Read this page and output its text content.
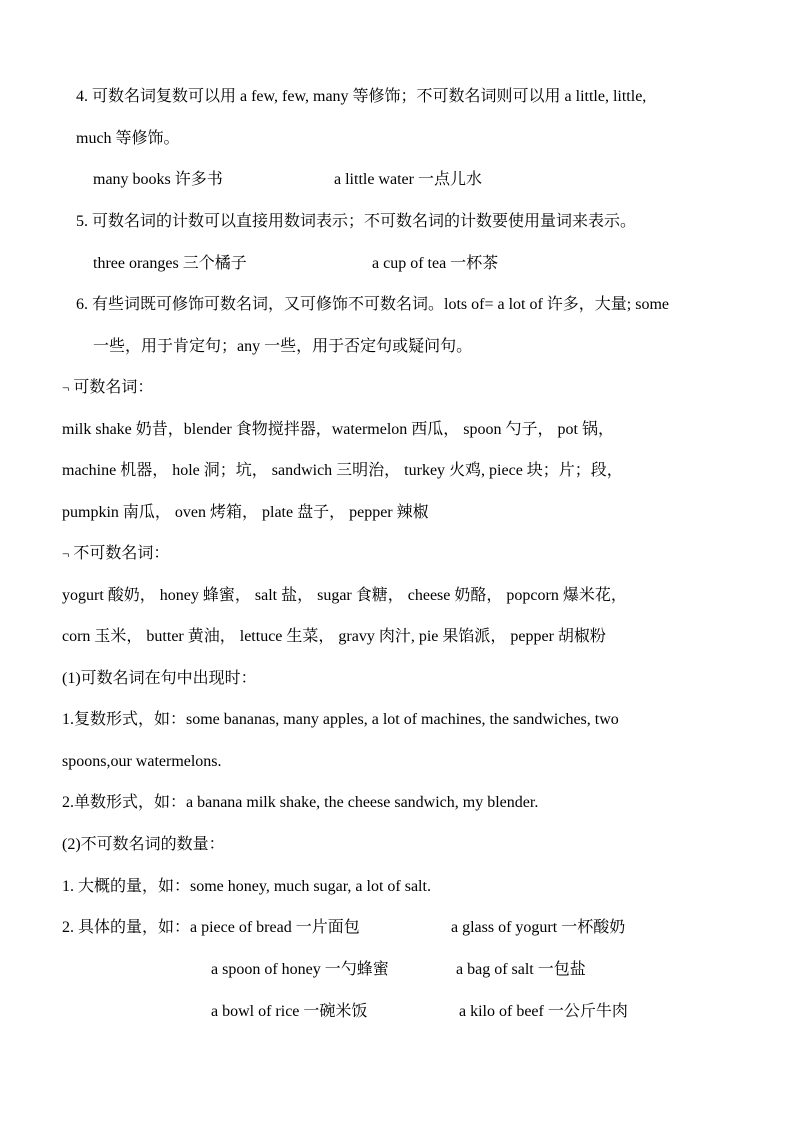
4. 可数名词复数可以用 a few, few, many 等修饰；不可数名词则可以用 a little, little,
much 等修饰。
many books 许多书	a little water 一点儿水
5. 可数名词的计数可以直接用数词表示；不可数名词的计数要使用量词来表示。
three oranges 三个橘子	a cup of tea 一杯茶
6. 有些词既可修饰可数名词，又可修饰不可数名词。lots of= a lot of 许多，大量; some
一些，用于肯定句；any 一些，用于否定句或疑问句。
¬ 可数名词：
milk shake 奶昔，blender 食物搅拌器，watermelon 西瓜， spoon 勺子， pot 锅，
machine 机器， hole 洞；坑， sandwich 三明治， turkey 火鸡, piece 块；片；段，
pumpkin 南瓜， oven 烤箱， plate 盘子， pepper 辣椒
¬ 不可数名词：
yogurt 酸奶， honey 蜂蜜， salt 盐， sugar 食糖， cheese 奶酪， popcorn 爆米花，
corn 玉米， butter 黄油， lettuce 生菜， gravy 肉汁, pie 果馅派， pepper 胡椒粉
(1)可数名词在句中出现时：
1.复数形式，如：some bananas, many apples, a lot of machines, the sandwiches, two
spoons,our watermelons.
2.单数形式，如：a banana milk shake, the cheese sandwich, my blender.
(2)不可数名词的数量：
1. 大概的量，如：some honey, much sugar, a lot of salt.
2. 具体的量，如：a piece of bread 一片面包	a glass of yogurt 一杯酸奶
a spoon of honey 一勺蜂蜜	a bag of salt 一包盐
a bowl of rice 一碗米饭	a kilo of beef 一公斤牛肉
